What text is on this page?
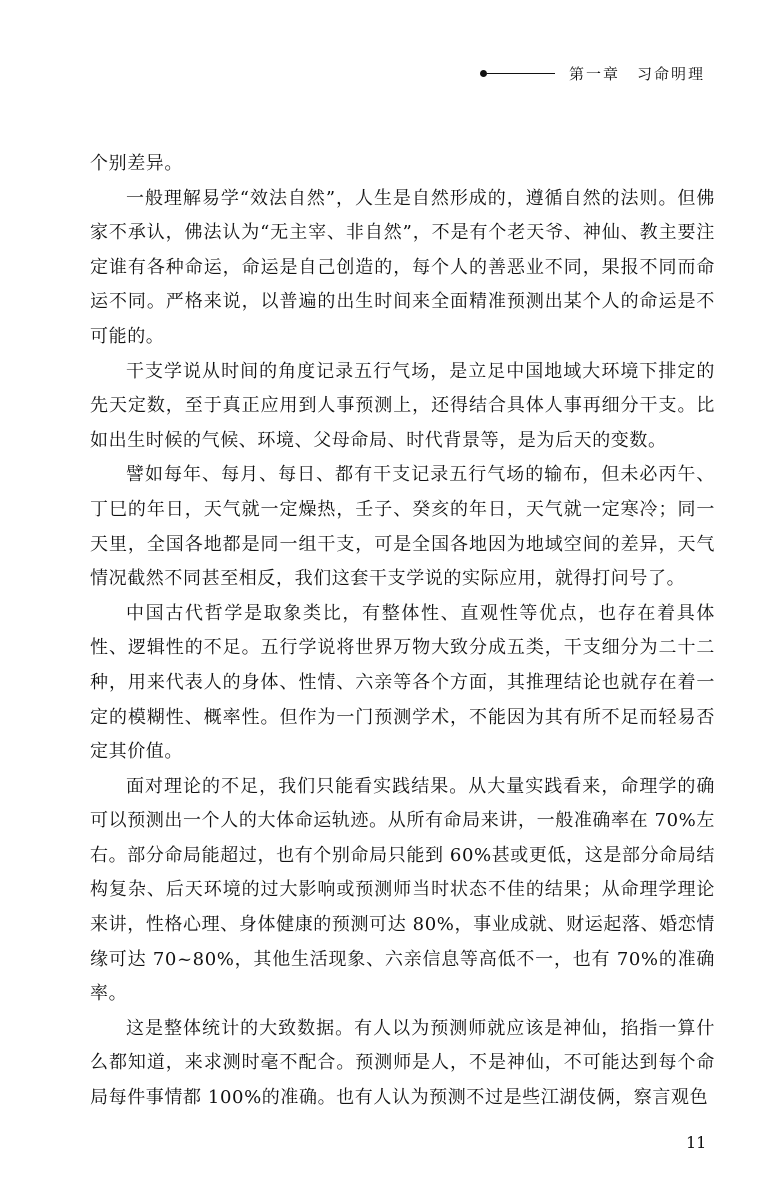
第一章　习命明理

个别差异。

一般理解易学“效法自然”，人生是自然形成的，遵循自然的法则。但佛家不承认，佛法认为“无主宰、非自然”，不是有个老天爷、神仙、教主要注定谁有各种命运，命运是自己创造的，每个人的善恶业不同，果报不同而命运不同。严格来说，以普遍的出生时间来全面精准预测出某个人的命运是不可能的。

干支学说从时间的角度记录五行气场，是立足中国地域大环境下排定的先天定数，至于真正应用到人事预测上，还得结合具体人事再细分干支。比如出生时候的气候、环境、父母命局、时代背景等，是为后天的变数。

譬如每年、每月、每日、都有干支记录五行气场的输布，但未必丙午、丁巳的年日，天气就一定燥热，壬子、癸亥的年日，天气就一定寒冷；同一天里，全国各地都是同一组干支，可是全国各地因为地域空间的差异，天气情况截然不同甚至相反，我们这套干支学说的实际应用，就得打问号了。

中国古代哲学是取象类比，有整体性、直观性等优点，也存在着具体性、逻辑性的不足。五行学说将世界万物大致分成五类，干支细分为二十二种，用来代表人的身体、性情、六亲等各个方面，其推理结论也就存在着一定的模糊性、概率性。但作为一门预测学术，不能因为其有所不足而轻易否定其价值。

面对理论的不足，我们只能看实践结果。从大量实践看来，命理学的确可以预测出一个人的大体命运轨迹。从所有命局来讲，一般准确率在 70%左右。部分命局能超过，也有个别命局只能到 60%甚或更低，这是部分命局结构复杂、后天环境的过大影响或预测师当时状态不佳的结果；从命理学理论来讲，性格心理、身体健康的预测可达 80%，事业成就、财运起落、婚恋情缘可达 70~80%，其他生活现象、六亲信息等高低不一，也有 70%的准确率。

这是整体统计的大致数据。有人以为预测师就应该是神仙，掐指一算什么都知道，来求测时毫不配合。预测师是人，不是神仙，不可能达到每个命局每件事情都 100%的准确。也有人认为预测不过是些江湖伎俩，察言观色

11
